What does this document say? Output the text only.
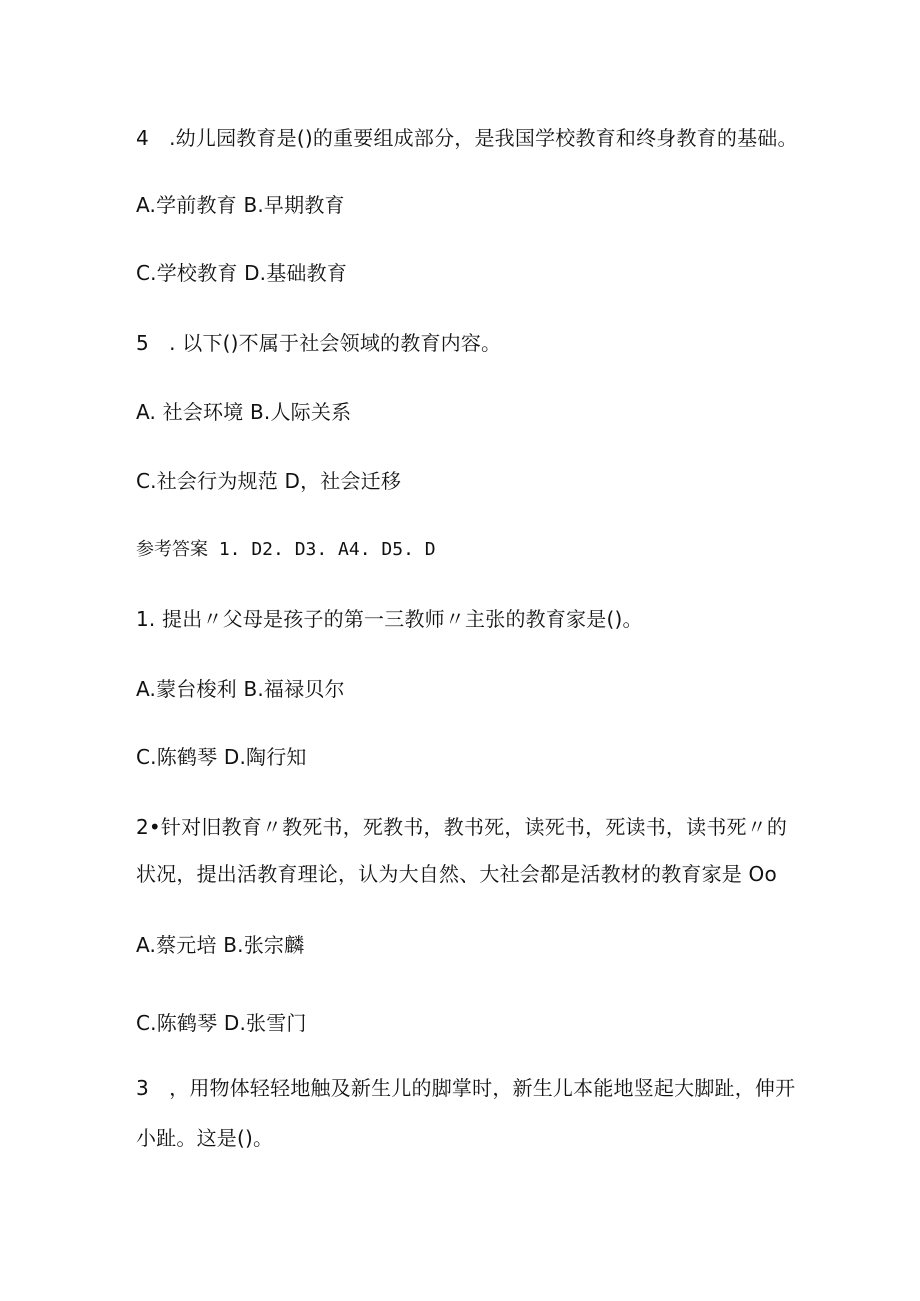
4　.幼儿园教育是()的重要组成部分，是我国学校教育和终身教育的基础。
A.学前教育 B.早期教育
C.学校教育 D.基础教育
5　. 以下()不属于社会领域的教育内容。
A. 社会环境 B.人际关系
C.社会行为规范 D，社会迁移
参考答案 1. D2. D3. A4. D5. D
1. 提出〃父母是孩子的第一三教师〃主张的教育家是()。
A.蒙台梭利 B.福禄贝尔
C.陈鹤琴 D.陶行知
2•针对旧教育〃教死书，死教书，教书死，读死书，死读书，读书死〃的
状况，提出活教育理论，认为大自然、大社会都是活教材的教育家是 Oo
A.蔡元培 B.张宗麟
C.陈鹤琴 D.张雪门
3　，用物体轻轻地触及新生儿的脚掌时，新生儿本能地竖起大脚趾，伸开
小趾。这是()。
